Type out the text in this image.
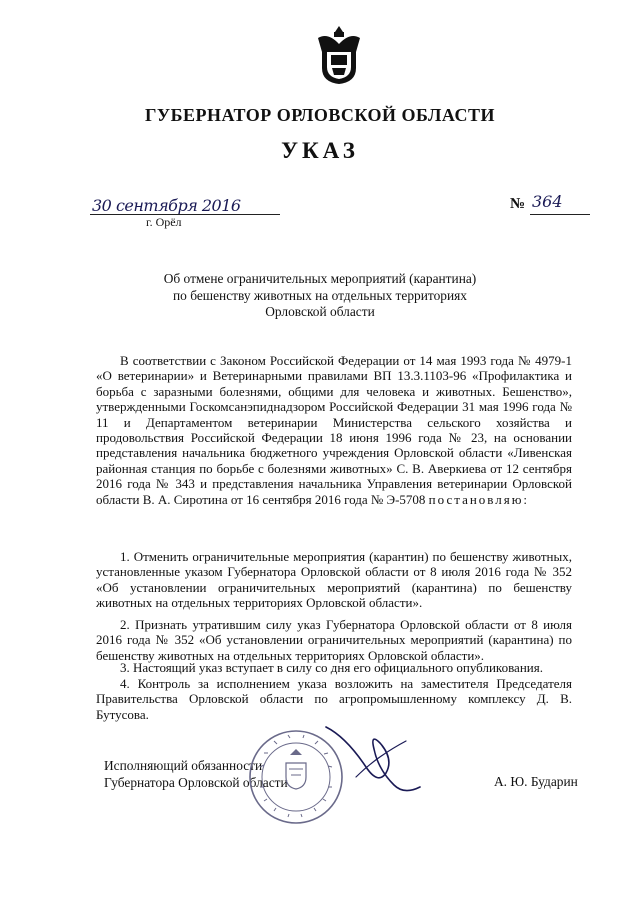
ГУБЕРНАТОР ОРЛОВСКОЙ ОБЛАСТИ
УКАЗ
30 сентября 2016
г. Орёл
№ 364
Об отмене ограничительных мероприятий (карантина) по бешенству животных на отдельных территориях Орловской области
В соответствии с Законом Российской Федерации от 14 мая 1993 года № 4979-1 «О ветеринарии» и Ветеринарными правилами ВП 13.3.1103-96 «Профилактика и борьба с заразными болезнями, общими для человека и животных. Бешенство», утвержденными Госкомсанэпиднадзором Российской Федерации 31 мая 1996 года № 11 и Департаментом ветеринарии Министерства сельского хозяйства и продовольствия Российской Федерации 18 июня 1996 года № 23, на основании представления начальника бюджетного учреждения Орловской области «Ливенская районная станция по борьбе с болезнями животных» С. В. Аверкиева от 12 сентября 2016 года № 343 и представления начальника Управления ветеринарии Орловской области В. А. Сиротина от 16 сентября 2016 года № Э-5708 постановляю:
1. Отменить ограничительные мероприятия (карантин) по бешенству животных, установленные указом Губернатора Орловской области от 8 июля 2016 года № 352 «Об установлении ограничительных мероприятий (карантина) по бешенству животных на отдельных территориях Орловской области».
2. Признать утратившим силу указ Губернатора Орловской области от 8 июля 2016 года № 352 «Об установлении ограничительных мероприятий (карантина) по бешенству животных на отдельных территориях Орловской области».
3. Настоящий указ вступает в силу со дня его официального опубликования.
4. Контроль за исполнением указа возложить на заместителя Председателя Правительства Орловской области по агропромышленному комплексу Д. В. Бутусова.
Исполняющий обязанности
Губернатора Орловской области	А. Ю. Бударин
